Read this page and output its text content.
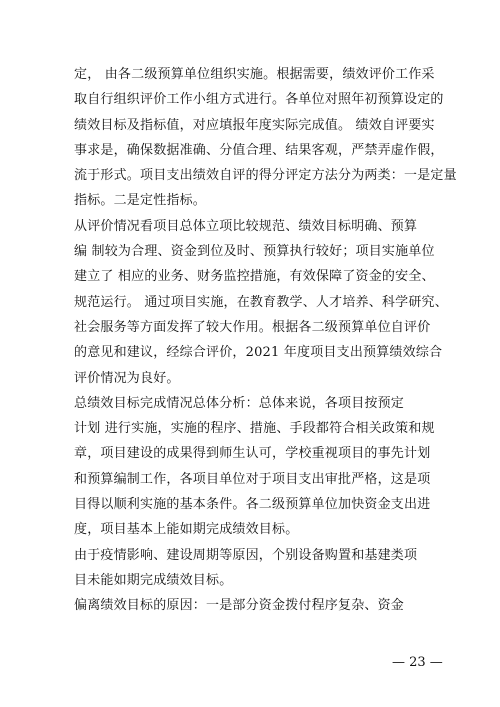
定， 由各二级预算单位组织实施。根据需要，绩效评价工作采
取自行组织评价工作小组方式进行。各单位对照年初预算设定的
绩效目标及指标值，对应填报年度实际完成值。 绩效自评要实
事求是，确保数据准确、分值合理、结果客观，严禁弄虚作假，
流于形式。项目支出绩效自评的得分评定方法分为两类：一是定量
指标。二是定性指标。

从评价情况看项目总体立项比较规范、绩效目标明确、预算
编 制较为合理、资金到位及时、预算执行较好；项目实施单位
建立了 相应的业务、财务监控措施，有效保障了资金的安全、
规范运行。 通过项目实施，在教育教学、人才培养、科学研究、
社会服务等方面发挥了较大作用。根据各二级预算单位自评价
的意见和建议，经综合评价，2021 年度项目支出预算绩效综合
评价情况为良好。

总绩效目标完成情况总体分析：总体来说，各项目按预定
计划 进行实施，实施的程序、措施、手段都符合相关政策和规
章，项目建设的成果得到师生认可，学校重视项目的事先计划
和预算编制工作，各项目单位对于项目支出审批严格，这是项
目得以顺利实施的基本条件。各二级预算单位加快资金支出进
度，项目基本上能如期完成绩效目标。

由于疫情影响、建设周期等原因，个别设备购置和基建类项
目未能如期完成绩效目标。

偏离绩效目标的原因：一是部分资金拨付程序复杂、资金

— 23 —
